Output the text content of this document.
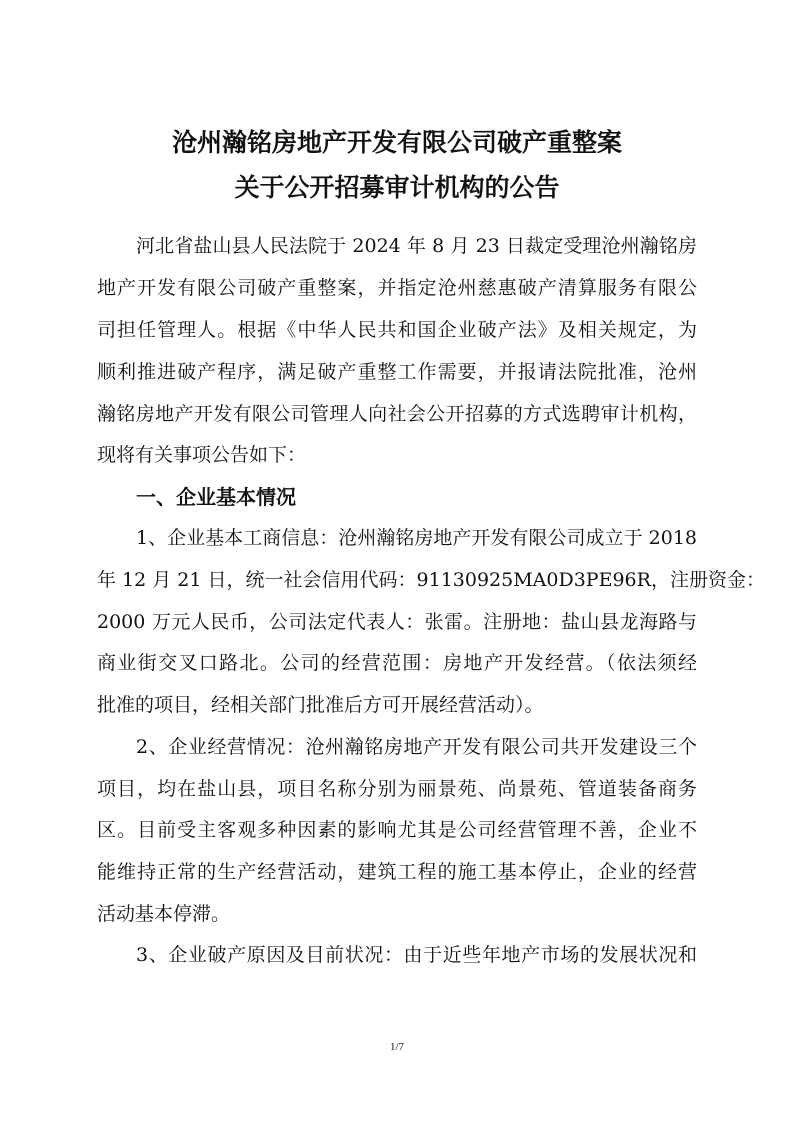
沧州瀚铭房地产开发有限公司破产重整案
关于公开招募审计机构的公告
河北省盐山县人民法院于 2024 年 8 月 23 日裁定受理沧州瀚铭房
地产开发有限公司破产重整案，并指定沧州慈惠破产清算服务有限公
司担任管理人。根据《中华人民共和国企业破产法》及相关规定，为
顺利推进破产程序，满足破产重整工作需要，并报请法院批准，沧州
瀚铭房地产开发有限公司管理人向社会公开招募的方式选聘审计机构，
现将有关事项公告如下：
一、企业基本情况
1、企业基本工商信息：沧州瀚铭房地产开发有限公司成立于 2018
年 12 月 21 日，统一社会信用代码：91130925MA0D3PE96R，注册资金：
2000 万元人民币，公司法定代表人：张雷。注册地：盐山县龙海路与
商业街交叉口路北。公司的经营范围：房地产开发经营。（依法须经
批准的项目，经相关部门批准后方可开展经营活动）。
2、企业经营情况：沧州瀚铭房地产开发有限公司共开发建设三个
项目，均在盐山县，项目名称分别为丽景苑、尚景苑、管道装备商务
区。目前受主客观多种因素的影响尤其是公司经营管理不善，企业不
能维持正常的生产经营活动，建筑工程的施工基本停止，企业的经营
活动基本停滞。
3、企业破产原因及目前状况：由于近些年地产市场的发展状况和
1/7
